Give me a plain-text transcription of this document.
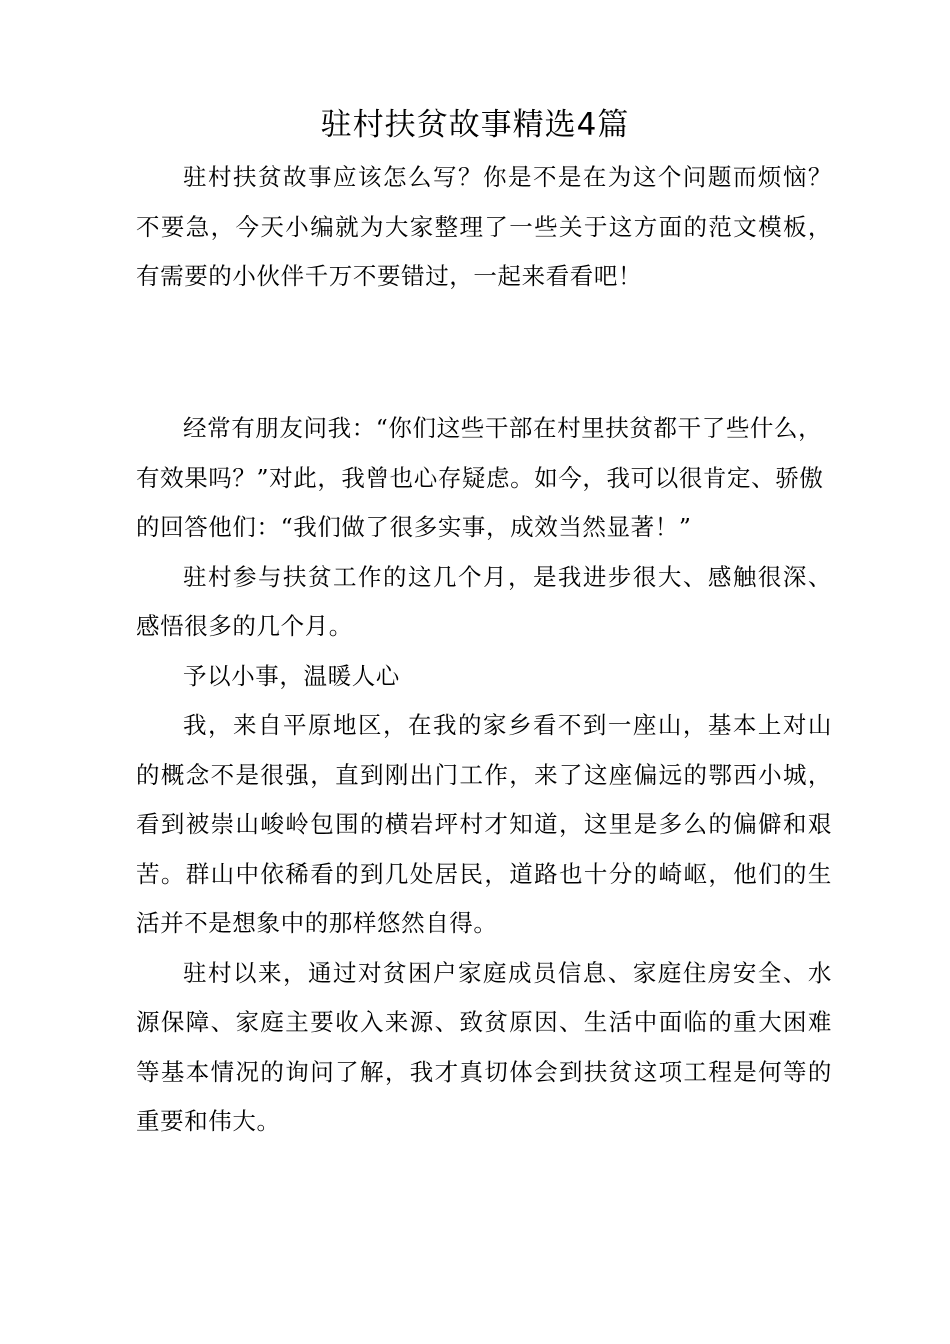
驻村扶贫故事精选4篇

驻村扶贫故事应该怎么写？你是不是在为这个问题而烦恼？不要急，今天小编就为大家整理了一些关于这方面的范文模板，有需要的小伙伴千万不要错过，一起来看看吧！

经常有朋友问我：“你们这些干部在村里扶贫都干了些什么，有效果吗？”对此，我曾也心存疑虑。如今，我可以很肯定、骄傲的回答他们：“我们做了很多实事，成效当然显著！”

驻村参与扶贫工作的这几个月，是我进步很大、感触很深、感悟很多的几个月。

予以小事，温暖人心

我，来自平原地区，在我的家乡看不到一座山，基本上对山的概念不是很强，直到刚出门工作，来了这座偏远的鄂西小城，看到被崇山峻岭包围的横岩坪村才知道，这里是多么的偏僻和艰苦。群山中依稀看的到几处居民，道路也十分的崎岖，他们的生活并不是想象中的那样悠然自得。

驻村以来，通过对贫困户家庭成员信息、家庭住房安全、水源保障、家庭主要收入来源、致贫原因、生活中面临的重大困难等基本情况的询问了解，我才真切体会到扶贫这项工程是何等的重要和伟大。
